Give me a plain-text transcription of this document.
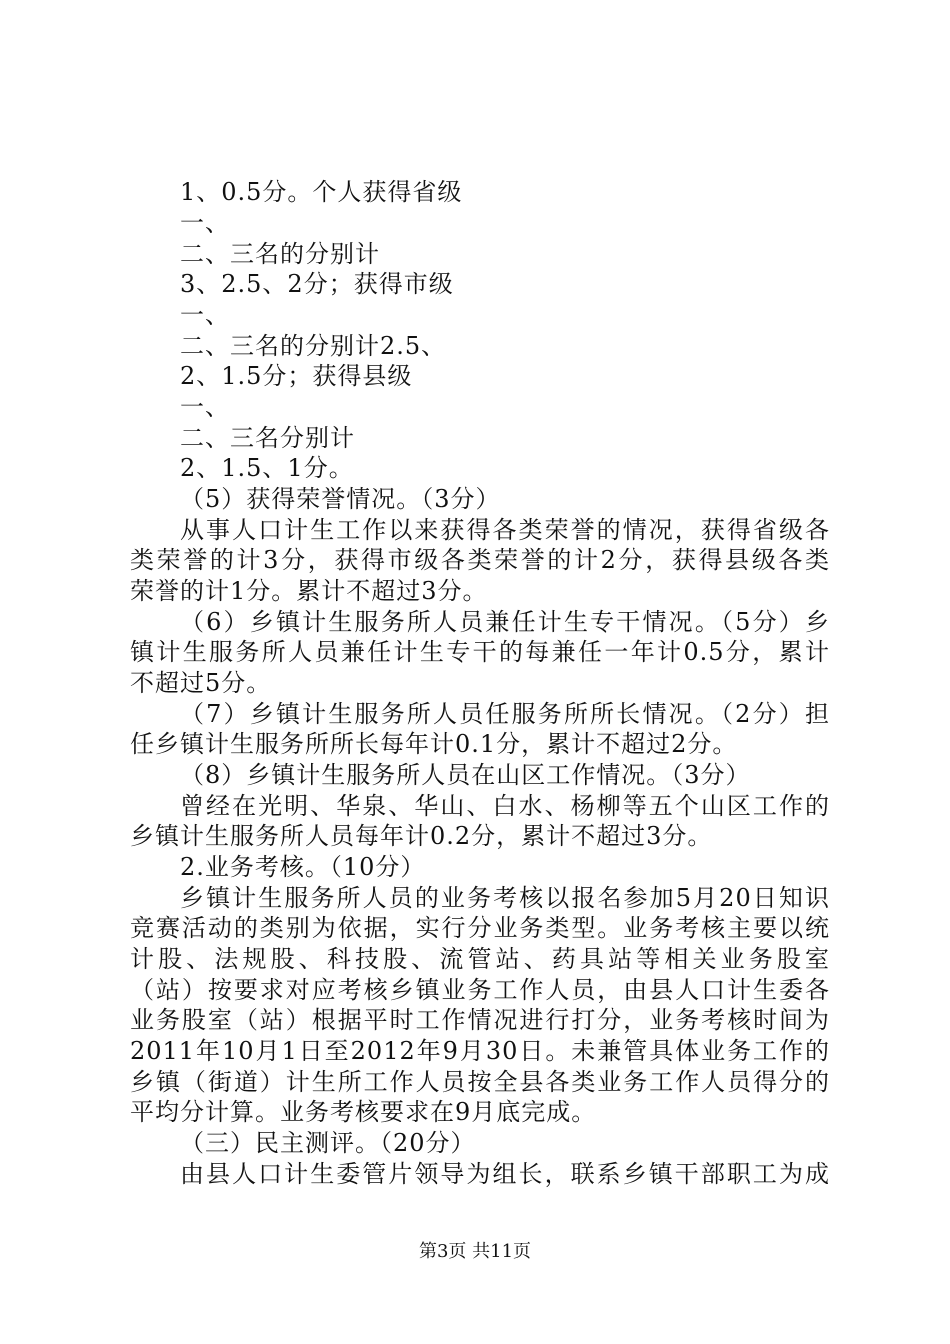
1、0.5分。个人获得省级
一、
二、三名的分别计
3、2.5、2分；获得市级
一、
二、三名的分别计2.5、
2、1.5分；获得县级
一、
二、三名分别计
2、1.5、1分。
（5）获得荣誉情况。（3分）
从事人口计生工作以来获得各类荣誉的情况，获得省级各
类荣誉的计3分，获得市级各类荣誉的计2分，获得县级各类
荣誉的计1分。累计不超过3分。
（6）乡镇计生服务所人员兼任计生专干情况。（5分）乡
镇计生服务所人员兼任计生专干的每兼任一年计0.5分，累计
不超过5分。
（7）乡镇计生服务所人员任服务所所长情况。（2分）担
任乡镇计生服务所所长每年计0.1分，累计不超过2分。
（8）乡镇计生服务所人员在山区工作情况。（3分）
曾经在光明、华泉、华山、白水、杨柳等五个山区工作的
乡镇计生服务所人员每年计0.2分，累计不超过3分。
2.业务考核。（10分）
乡镇计生服务所人员的业务考核以报名参加5月20日知识
竞赛活动的类别为依据，实行分业务类型。业务考核主要以统
计股、法规股、科技股、流管站、药具站等相关业务股室
（站）按要求对应考核乡镇业务工作人员，由县人口计生委各
业务股室（站）根据平时工作情况进行打分，业务考核时间为
2011年10月1日至2012年9月30日。未兼管具体业务工作的
乡镇（街道）计生所工作人员按全县各类业务工作人员得分的
平均分计算。业务考核要求在9月底完成。
（三）民主测评。（20分）
由县人口计生委管片领导为组长，联系乡镇干部职工为成
第3页 共11页
